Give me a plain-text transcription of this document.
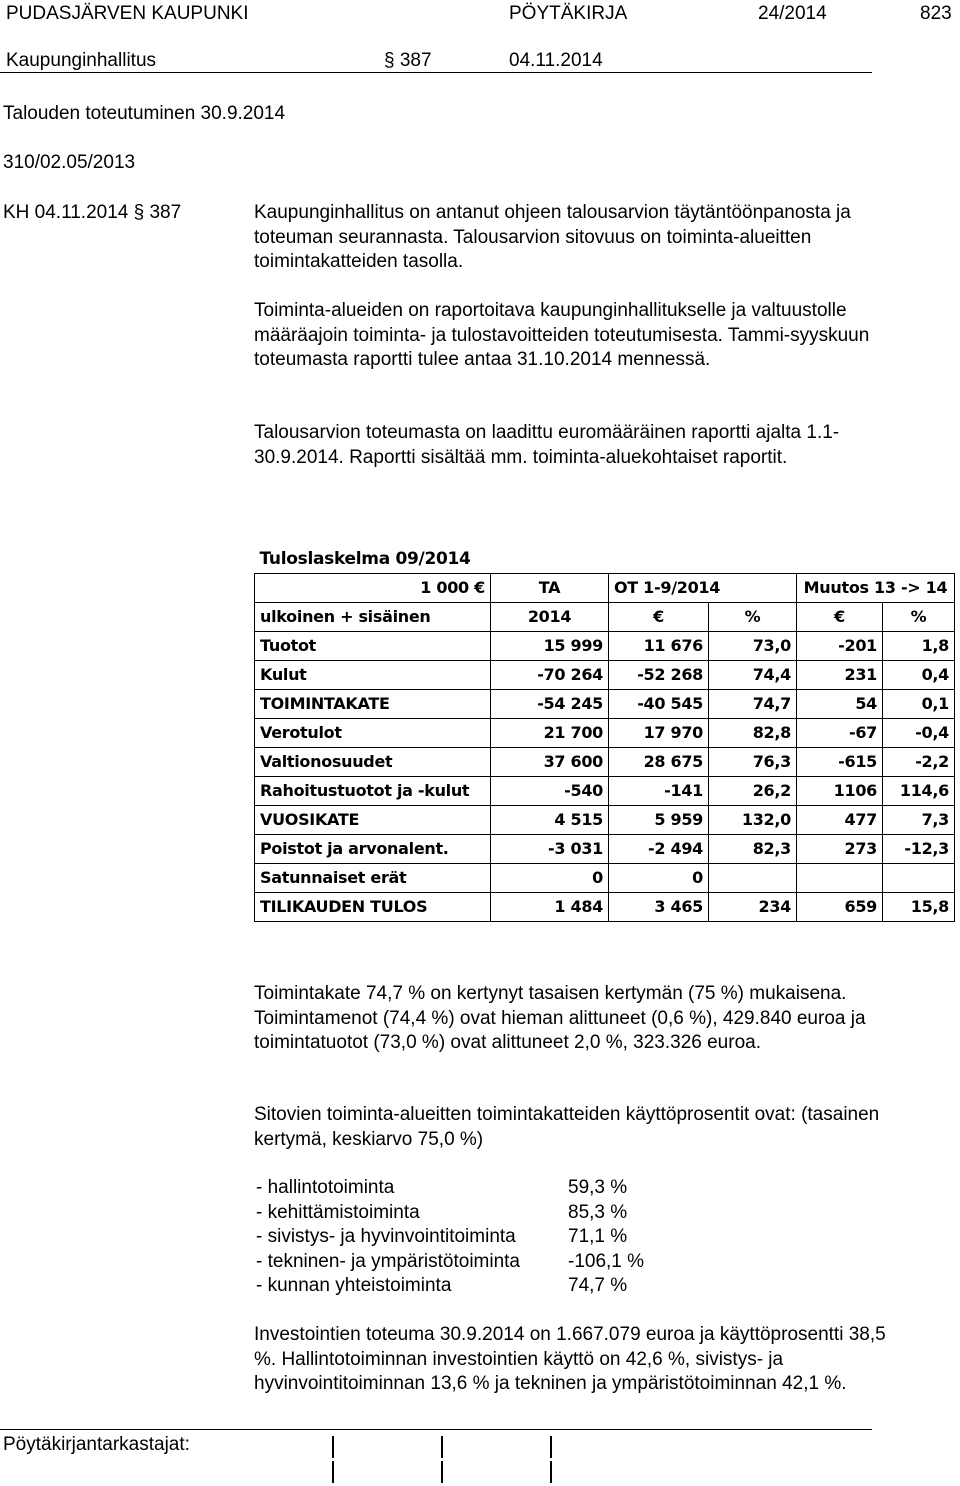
PUDASJÄRVEN KAUPUNKI	PÖYTÄKIRJA	24/2014	823
Kaupunginhallitus	§ 387	04.11.2014
Talouden toteutuminen 30.9.2014
310/02.05/2013
KH 04.11.2014 § 387	Kaupunginhallitus on antanut ohjeen talousarvion täytäntöönpanosta ja toteuman seurannasta. Talousarvion sitovuus on toiminta-alueitten toimintakatteiden tasolla.
Toiminta-alueiden on raportoitava kaupunginhallitukselle ja valtuustolle määräajoin toiminta- ja tulostavoitteiden toteutumisesta. Tammi-syyskuun toteumasta raportti tulee antaa 31.10.2014 mennessä.
Talousarvion toteumasta on laadittu euromääräinen raportti ajalta 1.1-30.9.2014. Raportti sisältää mm. toiminta-aluekohtaiset raportit.
Tuloslaskelma 09/2014					
1 000 €	TA	OT 1-9/2014		Muutos 13 -> 14	
ulkoinen + sisäinen	2014	€	%	€	%
Tuotot	15 999	11 676	73,0	-201	1,8
Kulut	-70 264	-52 268	74,4	231	0,4
TOIMINTAKATE	-54 245	-40 545	74,7	54	0,1
Verotulot	21 700	17 970	82,8	-67	-0,4
Valtionosuudet	37 600	28 675	76,3	-615	-2,2
Rahoitustuotot ja -kulut	-540	-141	26,2	1106	114,6
VUOSIKATE	4 515	5 959	132,0	477	7,3
Poistot ja arvonalent.	-3 031	-2 494	82,3	273	-12,3
Satunnaiset erät	0	0			
TILIKAUDEN TULOS	1 484	3 465	234	659	15,8
Toimintakate 74,7 % on kertynyt tasaisen kertymän (75 %) mukaisena. Toimintamenot (74,4 %) ovat hieman alittuneet (0,6 %), 429.840 euroa ja toimintatuotot (73,0 %) ovat alittuneet 2,0 %, 323.326 euroa.
Sitovien toiminta-alueitten toimintakatteiden käyttöprosentit ovat: (tasainen kertymä, keskiarvo 75,0 %)
- hallintotoiminta	59,3 %
- kehittämistoiminta	85,3 %
- sivistys- ja hyvinvointitoiminta	71,1 %
- tekninen- ja ympäristötoiminta	-106,1 %
- kunnan yhteistoiminta	74,7 %
Investointien toteuma 30.9.2014 on 1.667.079 euroa ja käyttöprosentti 38,5 %. Hallintotoiminnan investointien käyttö on 42,6 %, sivistys- ja hyvinvointitoiminnan 13,6 % ja tekninen ja ympäristötoiminnan 42,1 %.
Pöytäkirjantarkastajat:
